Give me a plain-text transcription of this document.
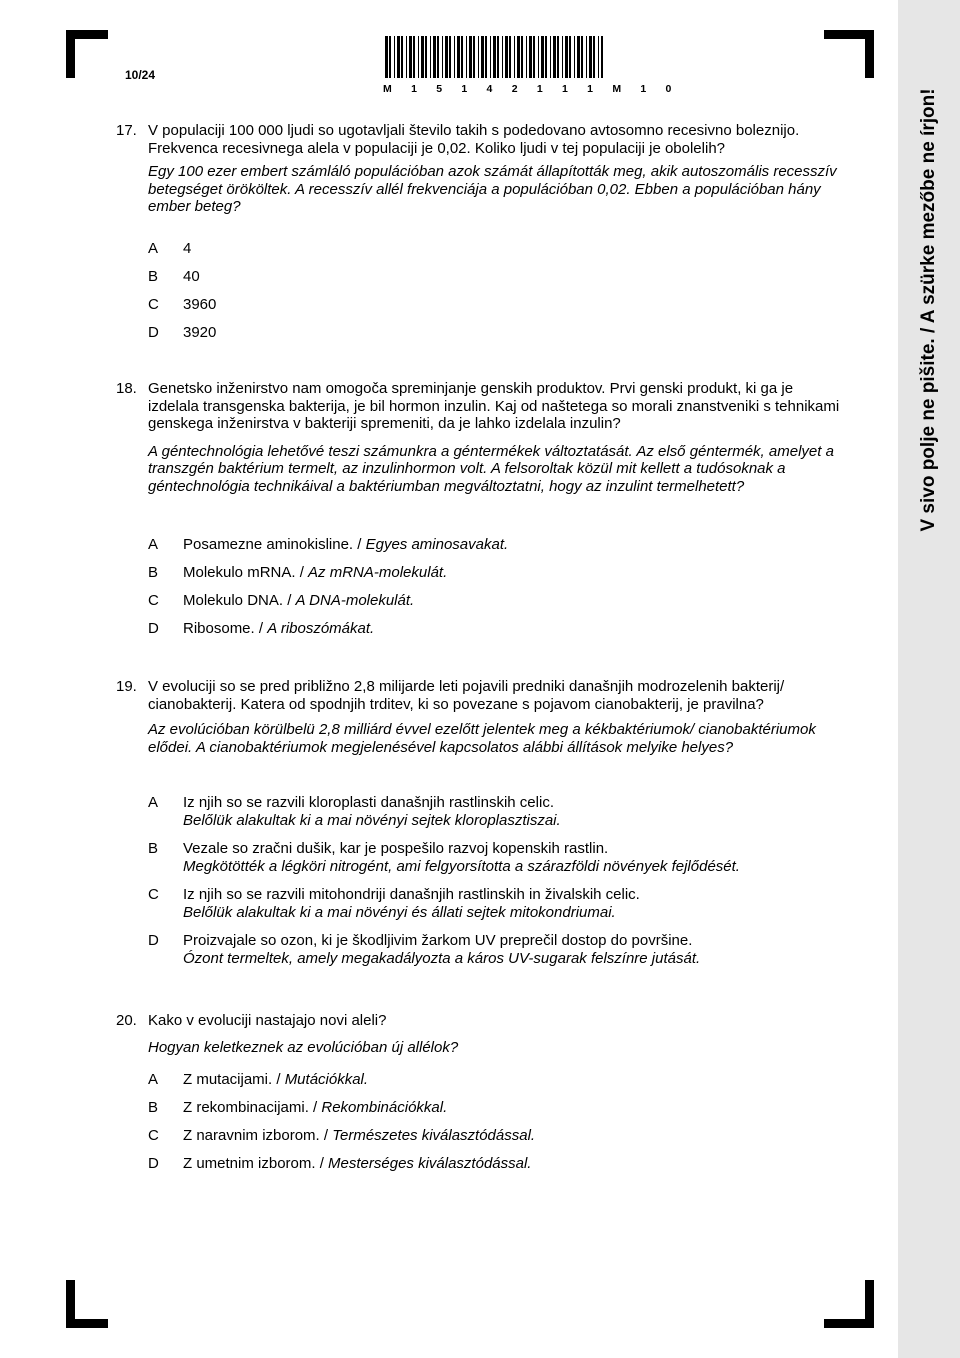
V sivo polje ne pišite. / A szürke mezőbe ne írjon!
10/24
M 1 5 1 4 2 1 1 1 M 1 0
17. V populaciji 100 000 ljudi so ugotavljali število takih s podedovano avtosomno recesivno boleznijo. Frekvenca recesivnega alela v populaciji je 0,02. Koliko ljudi v tej populaciji je obolelih?

Egy 100 ezer embert számláló populációban azok számát állapították meg, akik autoszomális recesszív betegséget örököltek. A recesszív allél frekvenciája a populációban 0,02. Ebben a populációban hány ember beteg?

A 4
B 40
C 3960
D 3920
18. Genetsko inženirstvo nam omogoča spreminjanje genskih produktov. Prvi genski produkt, ki ga je izdelala transgenska bakterija, je bil hormon inzulin. Kaj od naštetega so morali znanstveniki s tehnikami genskega inženirstva v bakteriji spremeniti, da je lahko izdelala inzulin?

A géntechnológia lehetővé teszi számunkra a géntermékek változtatását. Az első géntermék, amelyet a transzgén baktérium termelt, az inzulinhormon volt. A felsoroltak közül mit kellett a tudósoknak a géntechnológia technikáival a baktériumban megváltoztatni, hogy az inzulint termelhetett?

A Posamezne aminokisline. / Egyes aminosavakat.
B Molekulo mRNA. / Az mRNA-molekulát.
C Molekulo DNA. / A DNA-molekulát.
D Ribosome. / A riboszómákat.
19. V evoluciji so se pred približno 2,8 milijarde leti pojavili predniki današnjih modrozelenih bakterij/ cianobakterij. Katera od spodnjih trditev, ki so povezane s pojavom cianobakterij, je pravilna?

Az evolúcióban körülbelü 2,8 milliárd évvel ezelőtt jelentek meg a kékbaktériumok/ cianobaktériumok elődei. A cianobaktériumok megjelenésével kapcsolatos alábbi állítások melyike helyes?

A Iz njih so se razvili kloroplasti današnjih rastlinskih celic.
Belőlük alakultak ki a mai növényi sejtek kloroplasztiszai.
B Vezale so zračni dušik, kar je pospešilo razvoj kopenskih rastlin.
Megkötötték a légköri nitrogént, ami felgyorsította a szárazföldi növények fejlődését.
C Iz njih so se razvili mitohondriji današnjih rastlinskih in živalskih celic.
Belőlük alakultak ki a mai növényi és állati sejtek mitokondriumai.
D Proizvajale so ozon, ki je škodljivim žarkom UV preprečil dostop do površine.
Ózont termeltek, amely megakadályozta a káros UV-sugarak felszínre jutását.
20. Kako v evoluciji nastajajo novi aleli?

Hogyan keletkeznek az evolúcióban új allélok?

A Z mutacijami. / Mutációkkal.
B Z rekombinacijami. / Rekombinációkkal.
C Z naravnim izborom. / Természetes kiválasztódással.
D Z umetnim izborom. / Mesterséges kiválasztódással.
